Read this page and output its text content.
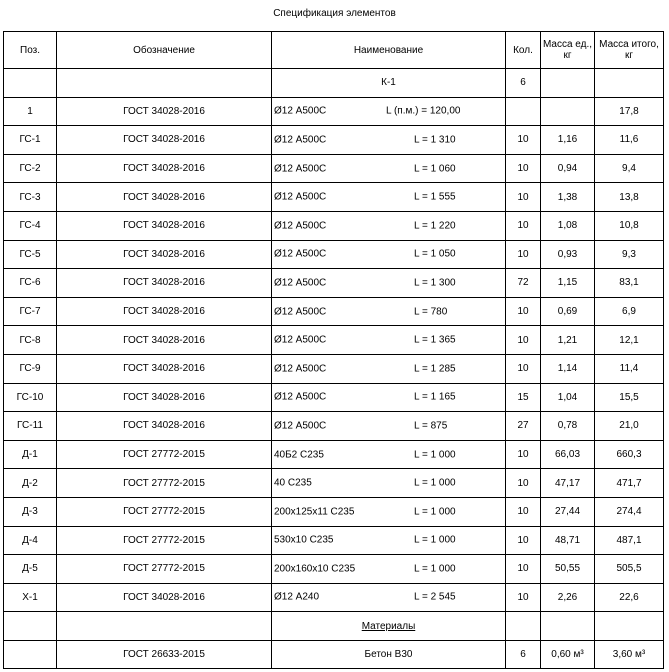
Спецификация элементов
Поз.	Обозначение	Наименование	Кол.	Масса ед., кг	Масса итого, кг
		К-1	6		
1	ГОСТ 34028-2016	Ø12 А500С L (п.м.) = 120,00			17,8
ГС-1	ГОСТ 34028-2016	Ø12 А500С L = 1 310	10	1,16	11,6
ГС-2	ГОСТ 34028-2016	Ø12 А500С L = 1 060	10	0,94	9,4
ГС-3	ГОСТ 34028-2016	Ø12 А500С L = 1 555	10	1,38	13,8
ГС-4	ГОСТ 34028-2016	Ø12 А500С L = 1 220	10	1,08	10,8
ГС-5	ГОСТ 34028-2016	Ø12 А500С L = 1 050	10	0,93	9,3
ГС-6	ГОСТ 34028-2016	Ø12 А500С L = 1 300	72	1,15	83,1
ГС-7	ГОСТ 34028-2016	Ø12 А500С L = 780	10	0,69	6,9
ГС-8	ГОСТ 34028-2016	Ø12 А500С L = 1 365	10	1,21	12,1
ГС-9	ГОСТ 34028-2016	Ø12 А500С L = 1 285	10	1,14	11,4
ГС-10	ГОСТ 34028-2016	Ø12 А500С L = 1 165	15	1,04	15,5
ГС-11	ГОСТ 34028-2016	Ø12 А500С L = 875	27	0,78	21,0
Д-1	ГОСТ 27772-2015	40Б2 С235 L = 1 000	10	66,03	660,3
Д-2	ГОСТ 27772-2015	40 С235 L = 1 000	10	47,17	471,7
Д-3	ГОСТ 27772-2015	200х125х11 С235 L = 1 000	10	27,44	274,4
Д-4	ГОСТ 27772-2015	530х10 С235 L = 1 000	10	48,71	487,1
Д-5	ГОСТ 27772-2015	200х160х10 С235 L = 1 000	10	50,55	505,5
Х-1	ГОСТ 34028-2016	Ø12 А240 L = 2 545	10	2,26	22,6
		Материалы			
	ГОСТ 26633-2015	Бетон В30	6	0,60 м³	3,60 м³
